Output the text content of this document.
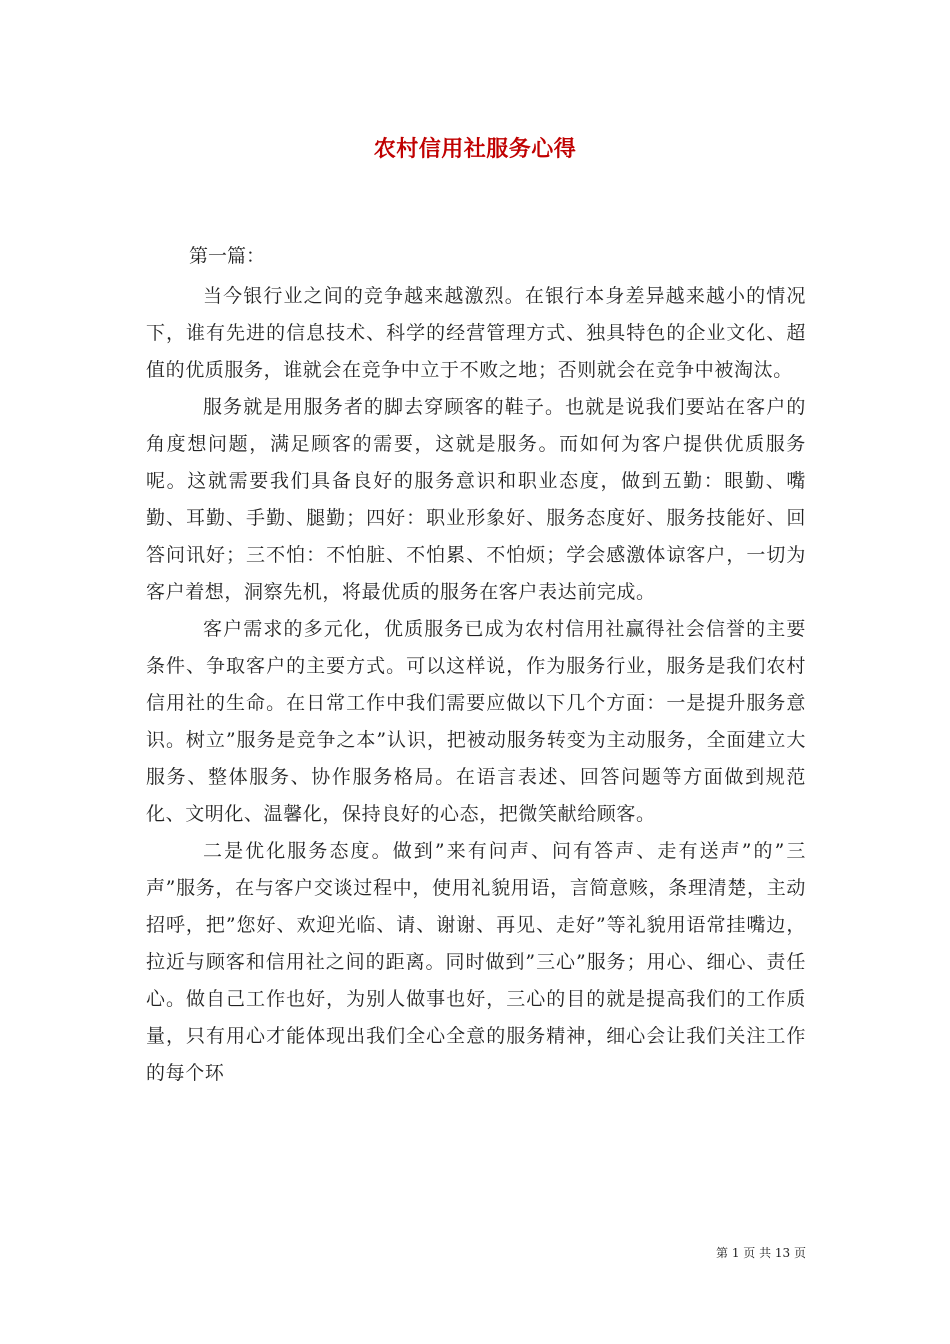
农村信用社服务心得

第一篇：

当今银行业之间的竞争越来越激烈。在银行本身差异越来越小的情况下，谁有先进的信息技术、科学的经营管理方式、独具特色的企业文化、超值的优质服务，谁就会在竞争中立于不败之地；否则就会在竞争中被淘汰。

服务就是用服务者的脚去穿顾客的鞋子。也就是说我们要站在客户的角度想问题，满足顾客的需要，这就是服务。而如何为客户提供优质服务呢。这就需要我们具备良好的服务意识和职业态度，做到五勤：眼勤、嘴勤、耳勤、手勤、腿勤；四好：职业形象好、服务态度好、服务技能好、回答问讯好；三不怕：不怕脏、不怕累、不怕烦；学会感激体谅客户，一切为客户着想，洞察先机，将最优质的服务在客户表达前完成。

客户需求的多元化，优质服务已成为农村信用社赢得社会信誉的主要条件、争取客户的主要方式。可以这样说，作为服务行业，服务是我们农村信用社的生命。在日常工作中我们需要应做以下几个方面：一是提升服务意识。树立”服务是竞争之本”认识，把被动服务转变为主动服务，全面建立大服务、整体服务、协作服务格局。在语言表述、回答问题等方面做到规范化、文明化、温馨化，保持良好的心态，把微笑献给顾客。

二是优化服务态度。做到”来有问声、问有答声、走有送声”的”三声”服务，在与客户交谈过程中，使用礼貌用语，言简意赅，条理清楚，主动招呼，把”您好、欢迎光临、请、谢谢、再见、走好”等礼貌用语常挂嘴边，拉近与顾客和信用社之间的距离。同时做到”三心”服务；用心、细心、责任心。做自己工作也好，为别人做事也好，三心的目的就是提高我们的工作质量，只有用心才能体现出我们全心全意的服务精神，细心会让我们关注工作的每个环

第 1 页 共 13 页
